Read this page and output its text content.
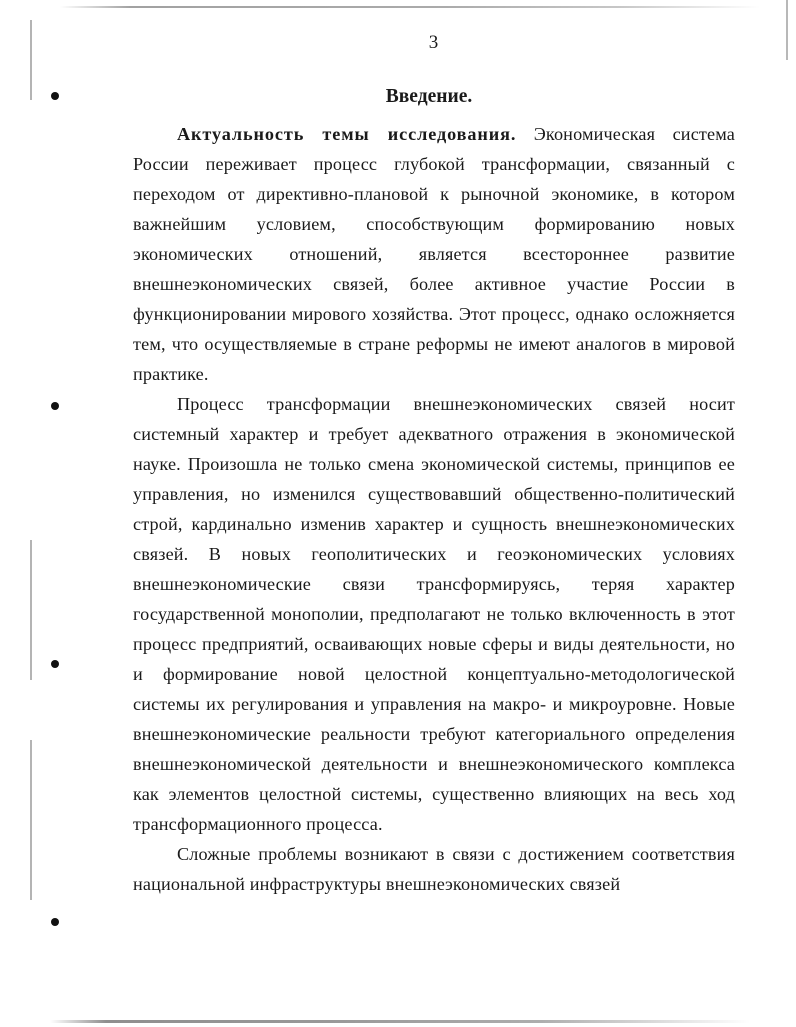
3
Введение.

Актуальность темы исследования. Экономическая система России переживает процесс глубокой трансформации, связанный с переходом от директивно-плановой к рыночной экономике, в котором важнейшим условием, способствующим формированию новых экономических отношений, является всестороннее развитие внешнеэкономических связей, более активное участие России в функционировании мирового хозяйства. Этот процесс, однако осложняется тем, что осуществляемые в стране реформы не имеют аналогов в мировой практике.

Процесс трансформации внешнеэкономических связей носит системный характер и требует адекватного отражения в экономической науке. Произошла не только смена экономической системы, принципов ее управления, но изменился существовавший общественно-политический строй, кардинально изменив характер и сущность внешнеэкономических связей. В новых геополитических и геоэкономических условиях внешнеэкономические связи трансформируясь, теряя характер государственной монополии, предполагают не только включенность в этот процесс предприятий, осваивающих новые сферы и виды деятельности, но и формирование новой целостной концептуально-методологической системы их регулирования и управления на макро- и микроуровне. Новые внешнеэкономические реальности требуют категориального определения внешнеэкономической деятельности и внешнеэкономического комплекса как элементов целостной системы, существенно влияющих на весь ход трансформационного процесса.

Сложные проблемы возникают в связи с достижением соответствия национальной инфраструктуры внешнеэкономических связей
